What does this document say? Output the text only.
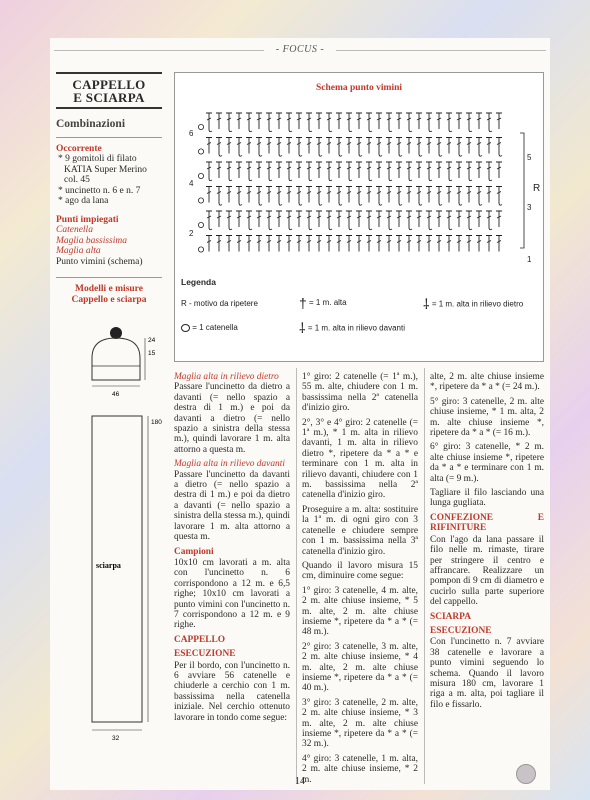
- FOCUS -
CAPPELLO
E SCIARPA
Combinazioni
Occorrente
* 9 gomitoli di filato KATIA Super Merino col. 45
* uncinetto n. 6 e n. 7
* ago da lana
Punti impiegati
Catenella
Maglia bassissima
Maglia alta
Punto vimini (schema)
Modelli e misure Cappello e sciarpa
24
15
46
180
sciarpa
32
Schema punto vimini
6
4
2
5
3
1
R
Legenda
R - motivo da ripetere
= 1 catenella
† = 1 m. alta
⸸ = 1 m. alta in rilievo davanti
⸸ = 1 m. alta in rilievo dietro
Maglia alta in rilievo dietro

Passare l'uncinetto da dietro a davanti (= nello spazio a destra di 1 m.) e poi da davanti a dietro (= nello spazio a sinistra della stessa m.), quindi lavorare 1 m. alta attorno a questa m.

Maglia alta in rilievo davanti

Passare l'uncinetto da davanti a dietro (= nello spazio a destra di 1 m.) e poi da dietro a davanti (= nello spazio a sinistra della stessa m.), quindi lavorare 1 m. alta attorno a questa m.

Campioni

10x10 cm lavorati a m. alta con l'uncinetto n. 6 corrispondono a 12 m. e 6,5 righe; 10x10 cm lavorati a punto vimini con l'uncinetto n. 7 corrispondono a 12 m. e 9 righe.

CAPPELLO
ESECUZIONE

Per il bordo, con l'uncinetto n. 6 avviare 56 catenelle e chiuderle a cerchio con 1 m. bassissima nella catenella iniziale. Nel cerchio ottenuto lavorare in tondo come segue:

1° giro: 2 catenelle (= 1ª m.), 55 m. alte, chiudere con 1 m. bassissima nella 2ª catenella d'inizio giro.

2°, 3° e 4° giro: 2 catenelle (= 1ª m.), * 1 m. alta in rilievo davanti, 1 m. alta in rilievo dietro *, ripetere da * a * e terminare con 1 m. alta in rilievo davanti, chiudere con 1 m. bassissima nella 2ª catenella d'inizio giro.

Proseguire a m. alta: sostituire la 1ª m. di ogni giro con 3 catenelle e chiudere sempre con 1 m. bassissima nella 3ª catenella d'inizio giro.

Quando il lavoro misura 15 cm, diminuire come segue:

1° giro: 3 catenelle, 4 m. alte, 2 m. alte chiuse insieme, * 5 m. alte, 2 m. alte chiuse insieme *, ripetere da * a * (= 48 m.).

2° giro: 3 catenelle, 3 m. alte, 2 m. alte chiuse insieme, * 4 m. alte, 2 m. alte chiuse insieme *, ripetere da * a * (= 40 m.).

3° giro: 3 catenelle, 2 m. alte, 2 m. alte chiuse insieme, * 3 m. alte, 2 m. alte chiuse insieme *, ripetere da * a * (= 32 m.).

4° giro: 3 catenelle, 1 m. alta, 2 m. alte chiuse insieme, * 2 m.

alte, 2 m. alte chiuse insieme *, ripetere da * a * (= 24 m.).

5° giro: 3 catenelle, 2 m. alte chiuse insieme, * 1 m. alta, 2 m. alte chiuse insieme *, ripetere da * a * (= 16 m.).

6° giro: 3 catenelle, * 2 m. alte chiuse insieme *, ripetere da * a * e terminare con 1 m. alta (= 9 m.).

Tagliare il filo lasciando una lunga gugliata.

CONFEZIONE E RIFINITURE

Con l'ago da lana passare il filo nelle m. rimaste, tirare per stringere il centro e affrancare. Realizzare un pompon di 9 cm di diametro e cucirlo sulla parte superiore del cappello.

SCIARPA
ESECUZIONE

Con l'uncinetto n. 7 avviare 38 catenelle e lavorare a punto vimini seguendo lo schema. Quando il lavoro misura 180 cm, lavorare 1 riga a m. alta, poi tagliare il filo e fissarlo.

14
